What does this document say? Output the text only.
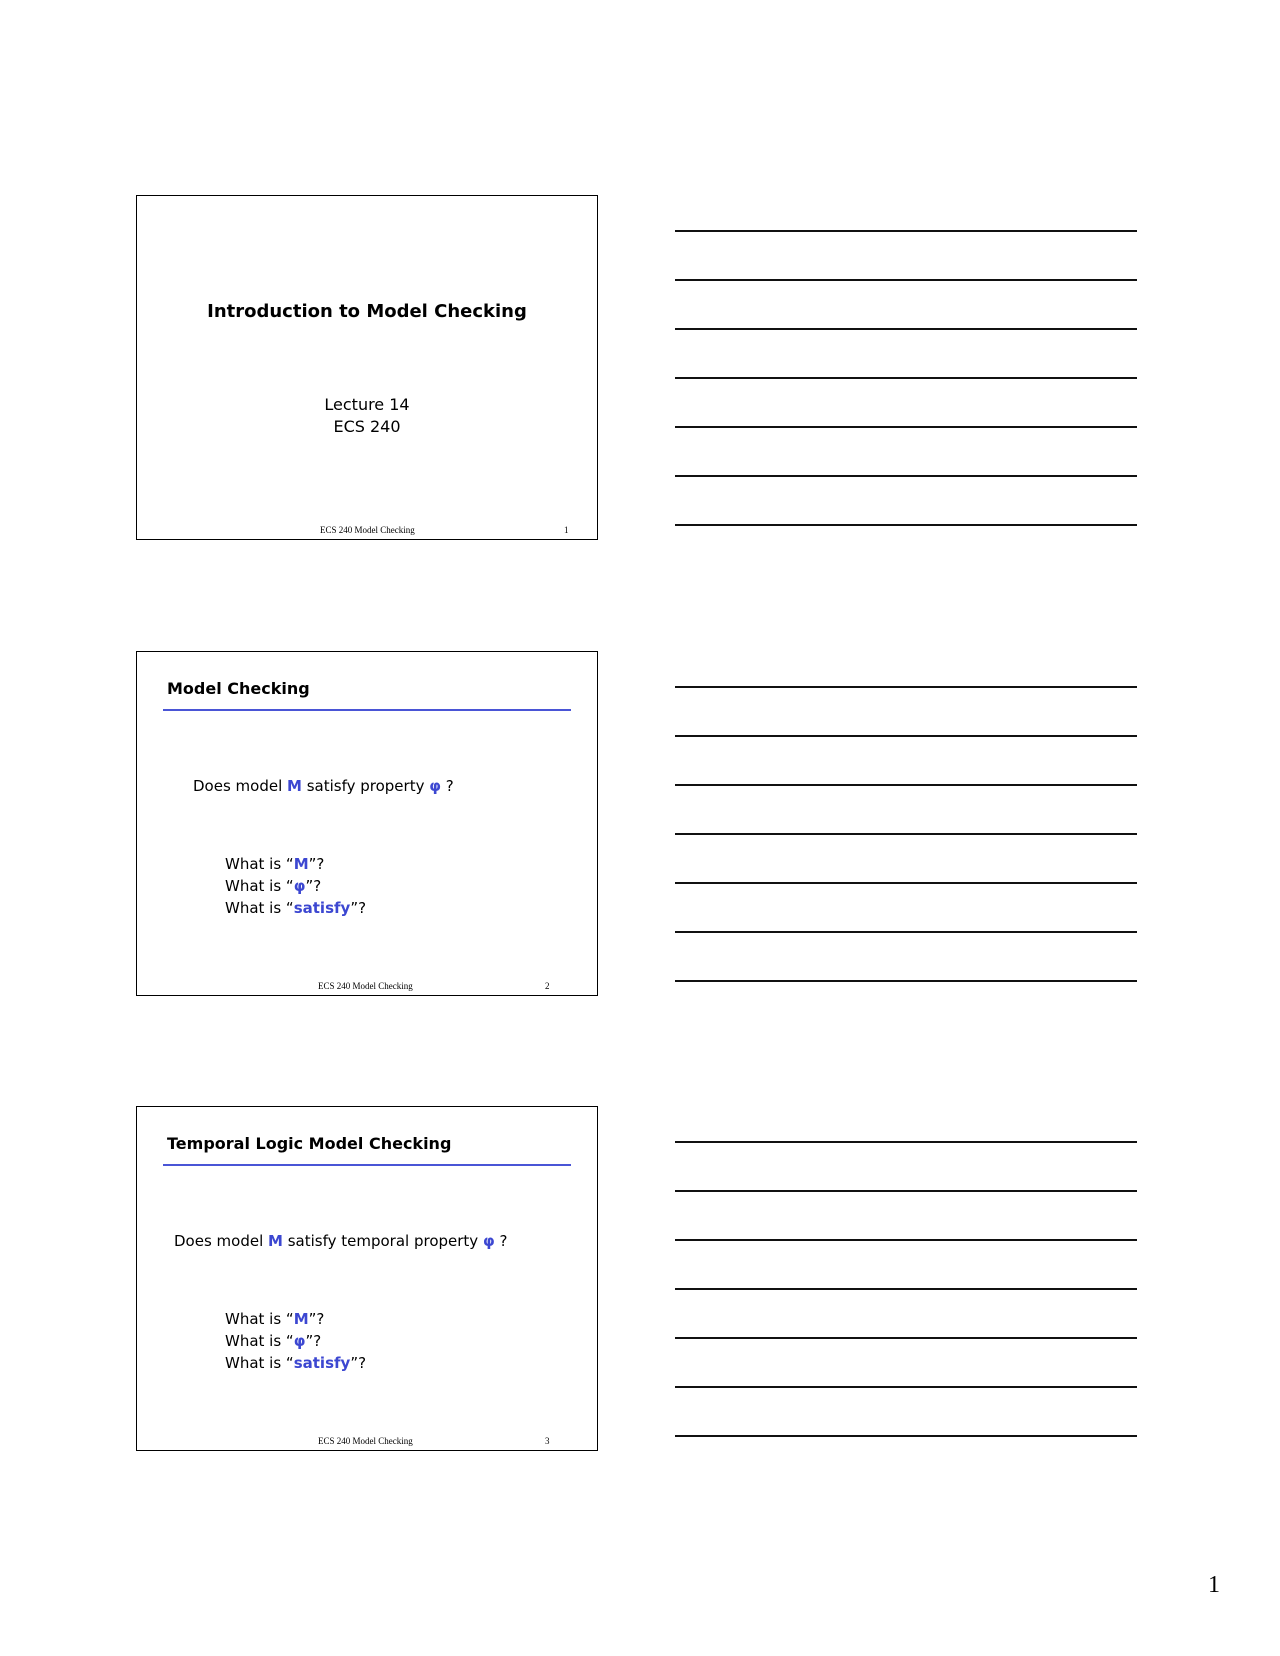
Introduction to Model Checking
Lecture 14
ECS 240
ECS 240 Model Checking	1
Model Checking
Does model M satisfy property φ ?
What is “M”?
What is “φ”?
What is “satisfy”?
ECS 240 Model Checking	2
Temporal Logic Model Checking
Does model M satisfy temporal property φ ?
What is “M”?
What is “φ”?
What is “satisfy”?
ECS 240 Model Checking	3
1
